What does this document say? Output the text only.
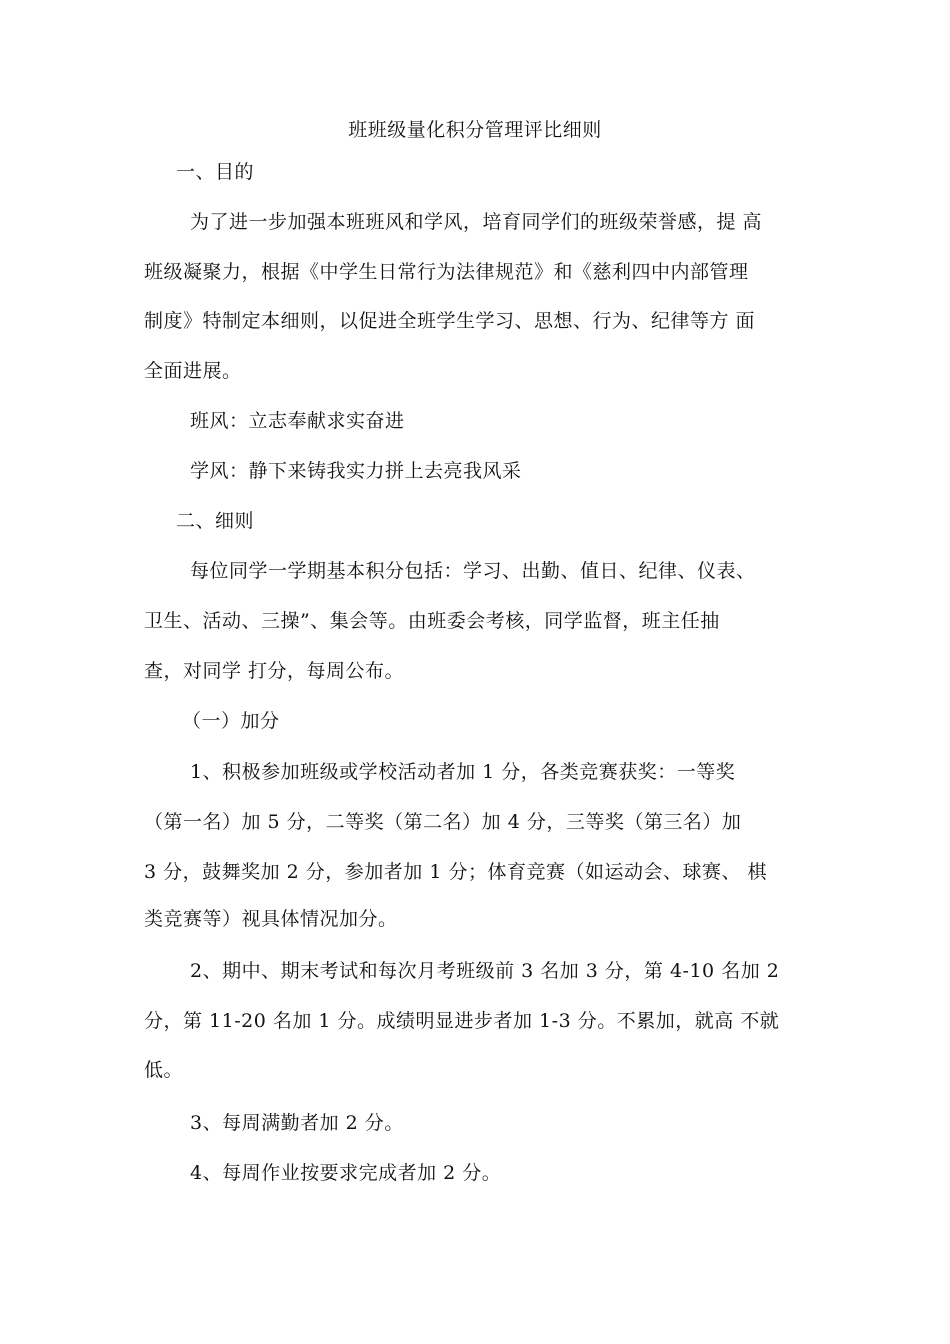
班班级量化积分管理评比细则
一、目的
为了进一步加强本班班风和学风，培育同学们的班级荣誉感，提 高
班级凝聚力，根据《中学生日常行为法律规范》和《慈利四中内部管理
制度》特制定本细则，以促进全班学生学习、思想、行为、纪律等方 面
全面进展。
班风：立志奉献求实奋进
学风：静下来铸我实力拼上去亮我风采
二、细则
每位同学一学期基本积分包括：学习、出勤、值日、纪律、仪表、
卫生、活动、三操”、集会等。由班委会考核，同学监督，班主任抽
查，对同学 打分，每周公布。
（一）加分
1、积极参加班级或学校活动者加 1 分，各类竞赛获奖：一等奖
（第一名）加 5 分，二等奖（第二名）加 4 分，三等奖（第三名）加
3 分，鼓舞奖加 2 分，参加者加 1 分；体育竞赛（如运动会、球赛、 棋
类竞赛等）视具体情况加分。
2、期中、期末考试和每次月考班级前 3 名加 3 分，第 4-10 名加 2
分，第 11-20 名加 1 分。成绩明显进步者加 1-3 分。不累加，就高 不就
低。
3、每周满勤者加 2 分。
4、每周作业按要求完成者加 2 分。
